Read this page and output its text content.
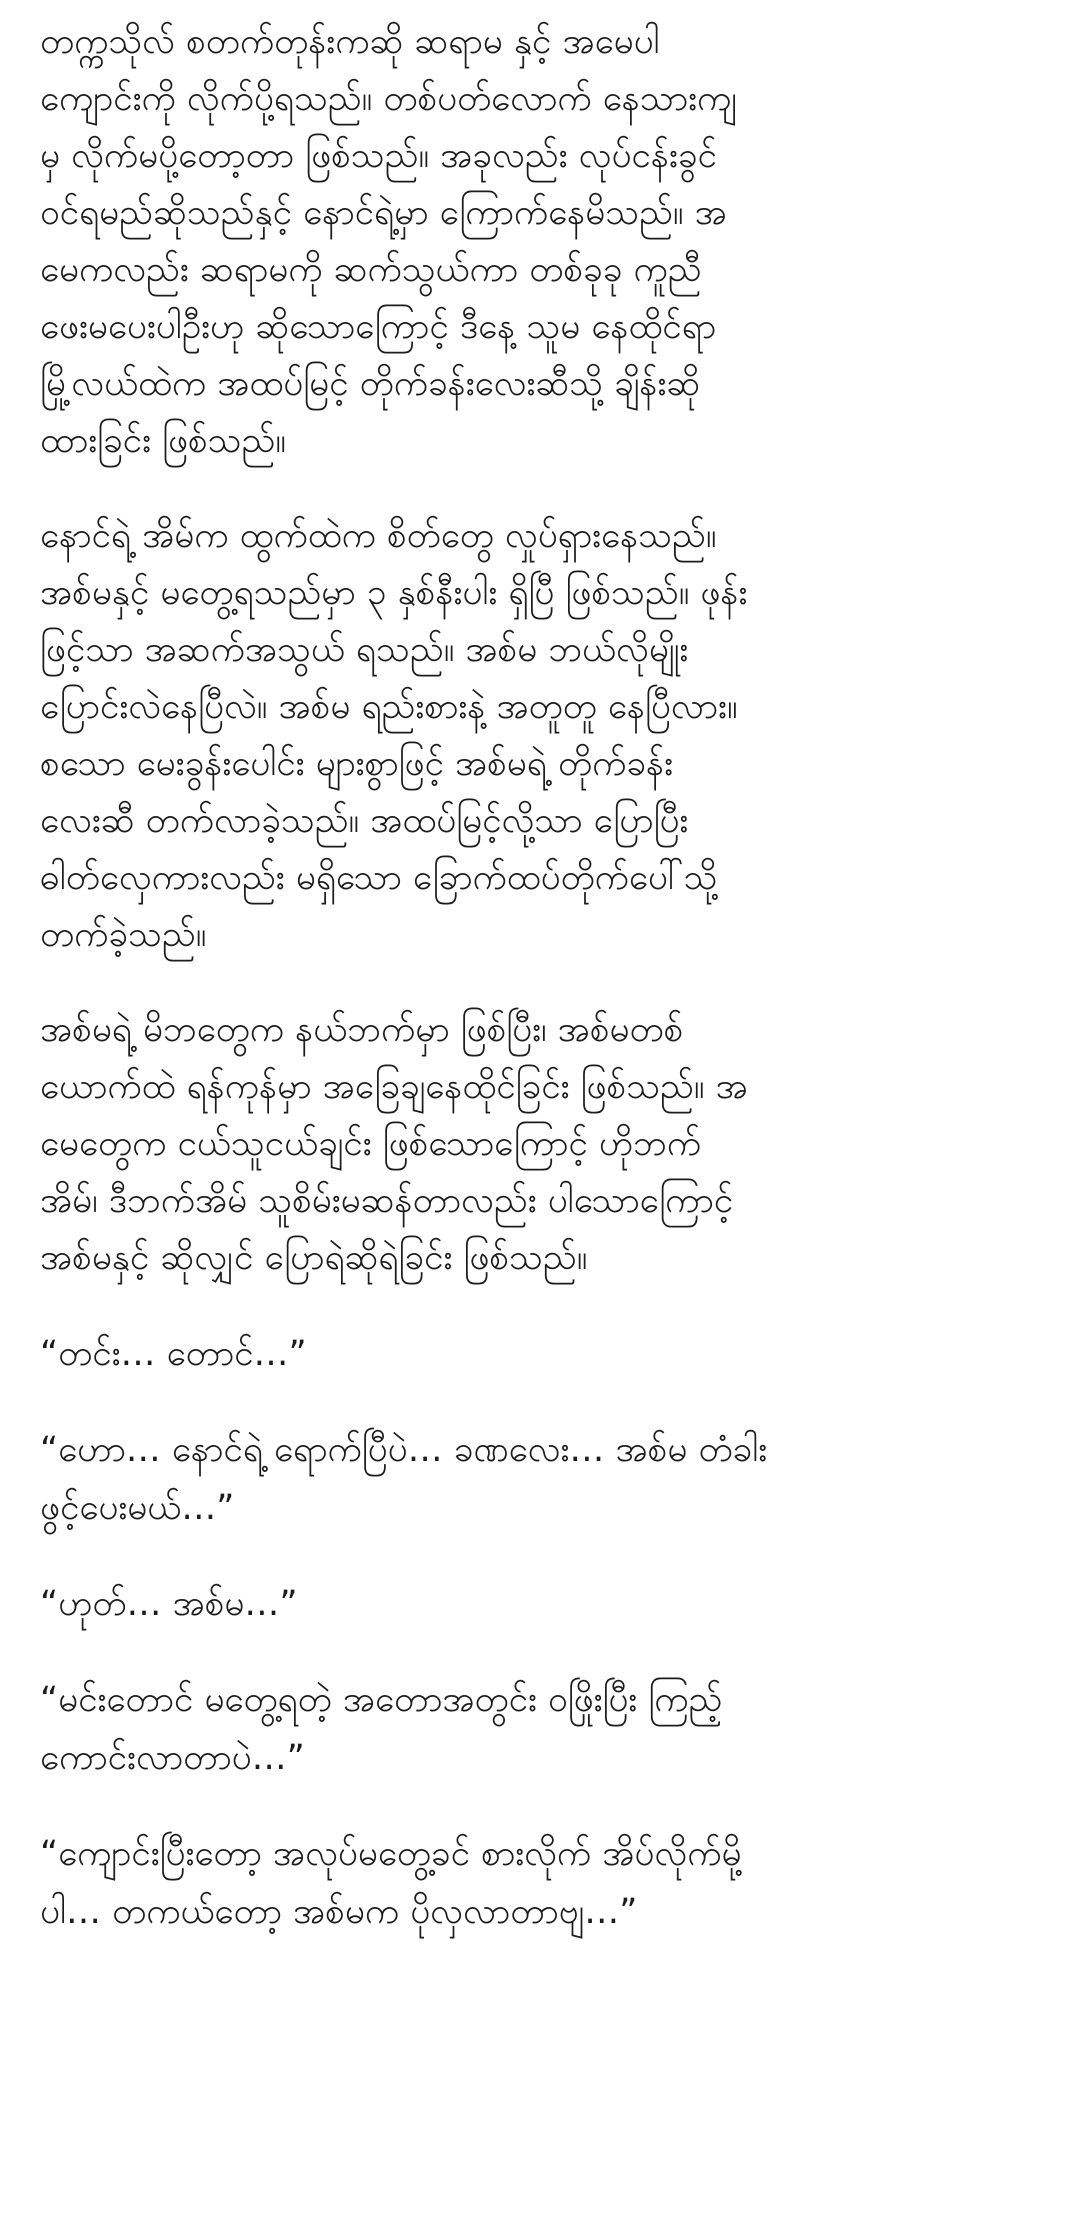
တက္ကသိုလ် စတက်တုန်းကဆို ဆရာမ နှင့် အမေပါ
ကျောင်းကို လိုက်ပို့ရသည်။ တစ်ပတ်လောက် နေသားကျ
မှ လိုက်မပို့တော့တာ ဖြစ်သည်။ အခုလည်း လုပ်ငန်းခွင်
ဝင်ရမည်ဆိုသည်နှင့် နောင်ရဲ့မှာ ကြောက်နေမိသည်။ အ
မေကလည်း ဆရာမကို ဆက်သွယ်ကာ တစ်ခုခု ကူညီ
ဖေးမပေးပါဦးဟု ဆိုသောကြောင့် ဒီနေ့ သူမ နေထိုင်ရာ
မြို့လယ်ထဲက အထပ်မြင့် တိုက်ခန်းလေးဆီသို့ ချိန်းဆို
ထားခြင်း ဖြစ်သည်။
နောင်ရဲ့ အိမ်က ထွက်ထဲက စိတ်တွေ လှုပ်ရှားနေသည်။
အစ်မနှင့် မတွေ့ရသည်မှာ ၃ နှစ်နီးပါး ရှိပြီ ဖြစ်သည်။ ဖုန်း
ဖြင့်သာ အဆက်အသွယ် ရသည်။ အစ်မ ဘယ်လိုမျိုး
ပြောင်းလဲနေပြီလဲ။ အစ်မ ရည်းစားနဲ့ အတူတူ နေပြီလား။
စသော မေးခွန်းပေါင်း များစွာဖြင့် အစ်မရဲ့ တိုက်ခန်း
လေးဆီ တက်လာခဲ့သည်။ အထပ်မြင့်လို့သာ ပြောပြီး
ဓါတ်လှေကားလည်း မရှိသော ခြောက်ထပ်တိုက်ပေါ်သို့
တက်ခဲ့သည်။
အစ်မရဲ့ မိဘတွေက နယ်ဘက်မှာ ဖြစ်ပြီး၊ အစ်မတစ်
ယောက်ထဲ ရန်ကုန်မှာ အခြေချနေထိုင်ခြင်း ဖြစ်သည်။ အ
မေတွေက ငယ်သူငယ်ချင်း ဖြစ်သောကြောင့် ဟိုဘက်
အိမ်၊ ဒီဘက်အိမ် သူစိမ်းမဆန်တာလည်း ပါသောကြောင့်
အစ်မနှင့် ဆိုလျှင် ပြောရဲဆိုရဲခြင်း ဖြစ်သည်။
“တင်း… တောင်…”
“ဟော… နောင်ရဲ့ ရောက်ပြီပဲ… ခဏလေး… အစ်မ တံခါး
ဖွင့်ပေးမယ်…”
“ဟုတ်… အစ်မ…”
“မင်းတောင် မတွေ့ရတဲ့ အတောအတွင်း ဝဖြိုးပြီး ကြည့်
ကောင်းလာတာပဲ…”
“ကျောင်းပြီးတော့ အလုပ်မတွေ့ခင် စားလိုက် အိပ်လိုက်မို့
ပါ… တကယ်တော့ အစ်မက ပိုလှလာတာဗျ…”
